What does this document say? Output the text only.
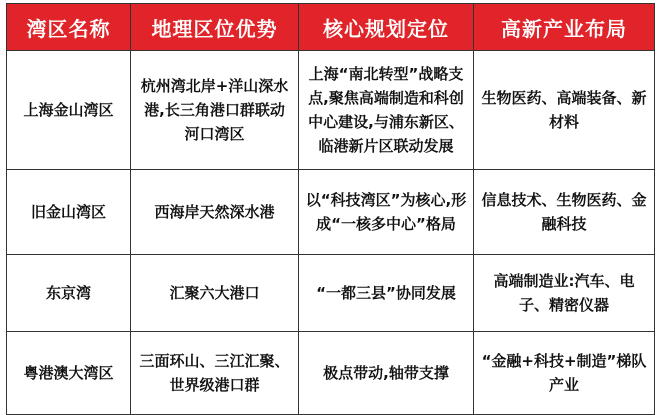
湾区名称	地理区位优势	核心规划定位	高新产业布局
上海金山湾区	杭州湾北岸+洋山深水港,长三角港口群联动河口湾区	上海“南北转型”战略支点,聚焦高端制造和科创中心建设,与浦东新区、临港新片区联动发展	生物医药、高端装备、新材料
旧金山湾区	西海岸天然深水港	以“科技湾区”为核心,形成“一核多中心”格局	信息技术、生物医药、金融科技
东京湾	汇聚六大港口	“一都三县”协同发展	高端制造业:汽车、电子、精密仪器
粤港澳大湾区	三面环山、三江汇聚、世界级港口群	极点带动,轴带支撑	“金融+科技+制造”梯队产业
